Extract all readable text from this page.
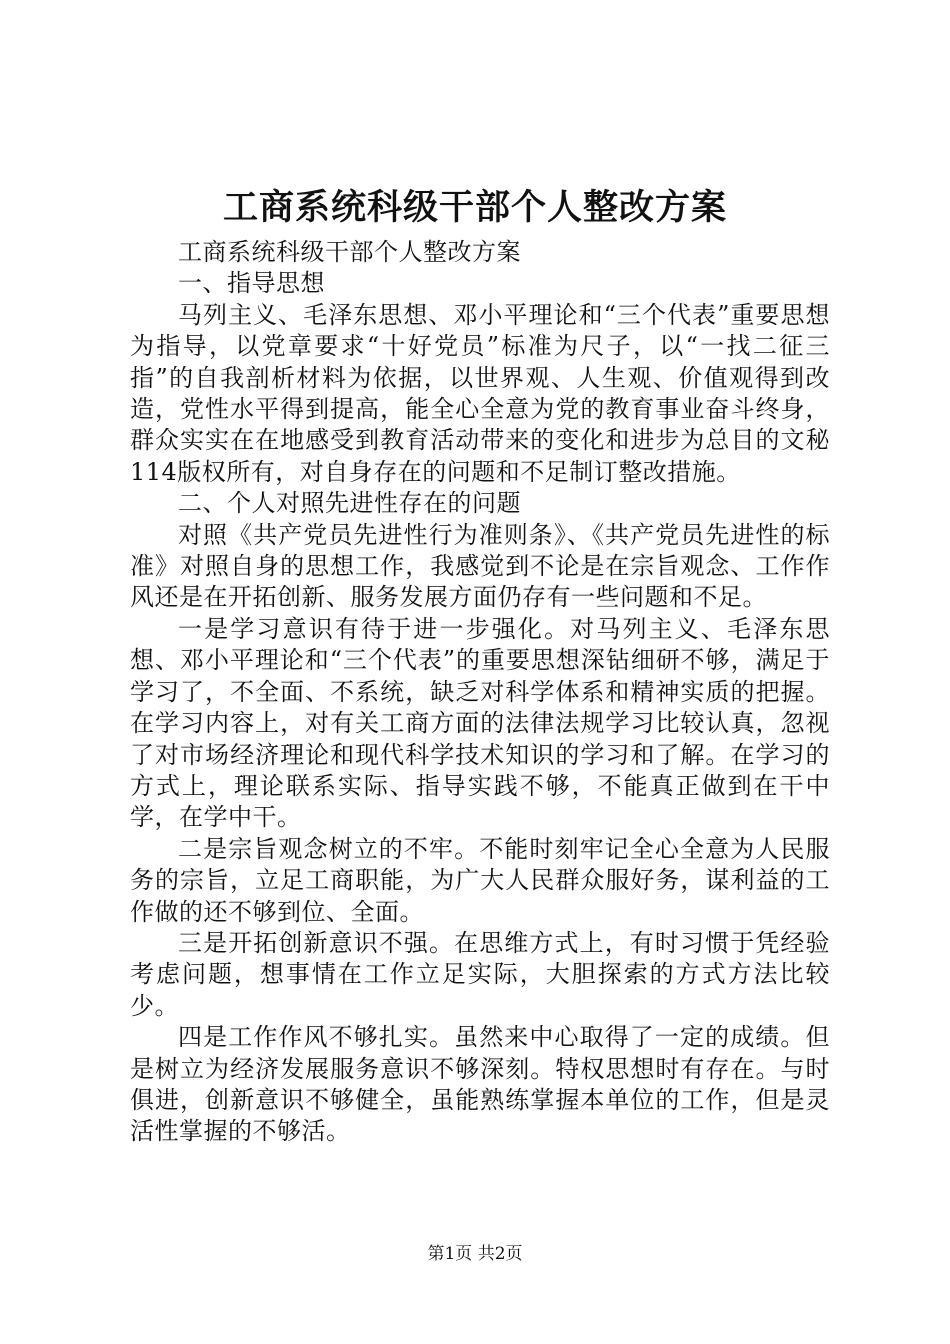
工商系统科级干部个人整改方案

工商系统科级干部个人整改方案

一、指导思想

马列主义、毛泽东思想、邓小平理论和“三个代表”重要思想为指导，以党章要求“十好党员”标准为尺子，以“一找二征三指”的自我剖析材料为依据，以世界观、人生观、价值观得到改造，党性水平得到提高，能全心全意为党的教育事业奋斗终身，群众实实在在地感受到教育活动带来的变化和进步为总目的文秘114版权所有，对自身存在的问题和不足制订整改措施。

二、个人对照先进性存在的问题

对照《共产党员先进性行为准则条》、《共产党员先进性的标准》对照自身的思想工作，我感觉到不论是在宗旨观念、工作作风还是在开拓创新、服务发展方面仍存有一些问题和不足。

一是学习意识有待于进一步强化。对马列主义、毛泽东思想、邓小平理论和“三个代表”的重要思想深钻细研不够，满足于学习了，不全面、不系统，缺乏对科学体系和精神实质的把握。在学习内容上，对有关工商方面的法律法规学习比较认真，忽视了对市场经济理论和现代科学技术知识的学习和了解。在学习的方式上，理论联系实际、指导实践不够，不能真正做到在干中学，在学中干。

二是宗旨观念树立的不牢。不能时刻牢记全心全意为人民服务的宗旨，立足工商职能，为广大人民群众服好务，谋利益的工作做的还不够到位、全面。

三是开拓创新意识不强。在思维方式上，有时习惯于凭经验考虑问题，想事情在工作立足实际，大胆探索的方式方法比较少。

四是工作作风不够扎实。虽然来中心取得了一定的成绩。但是树立为经济发展服务意识不够深刻。特权思想时有存在。与时俱进，创新意识不够健全，虽能熟练掌握本单位的工作，但是灵活性掌握的不够活。

第1页 共2页
